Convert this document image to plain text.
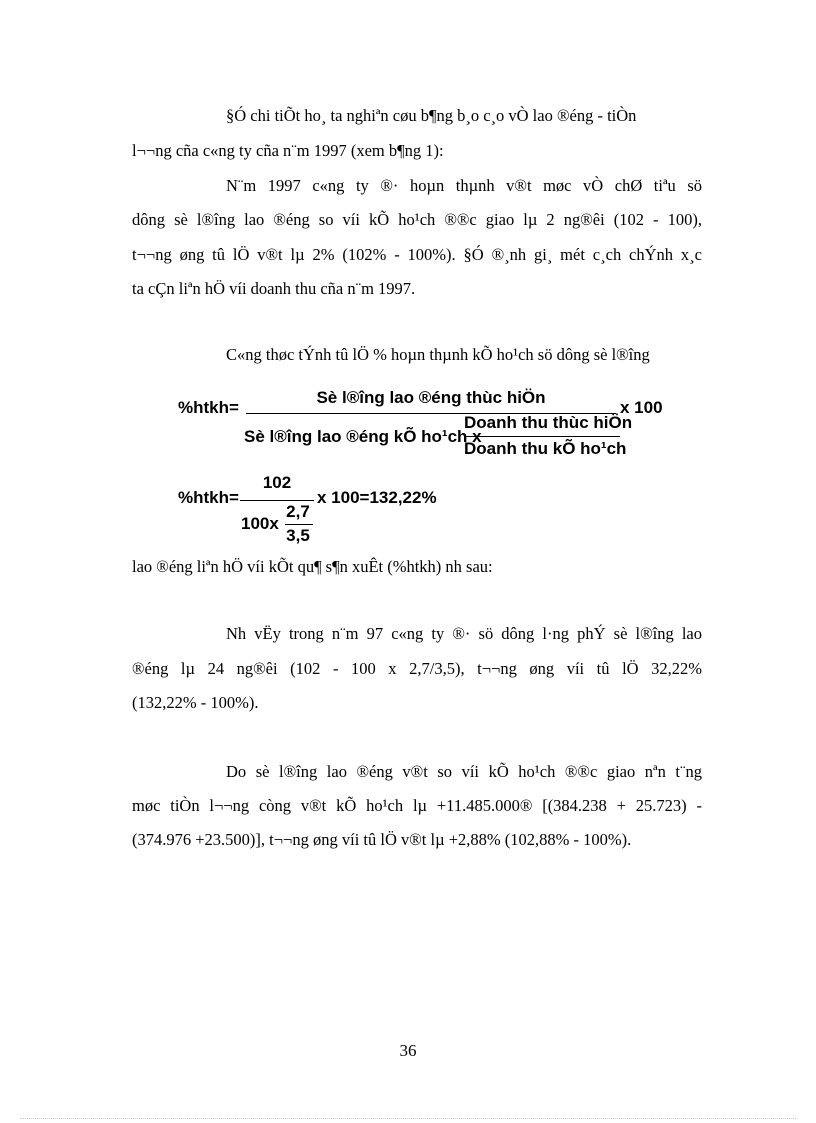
§Ó chi tiÕt ho¸ ta nghiªn cøu b¶ng b¸o c¸o vÒ lao ®éng - tiÒn
l¬¬ng cña c«ng ty cña n¨m 1997 (xem b¶ng 1):
N¨m 1997 c«ng ty ®· hoµn thµnh v®t møc vÒ chØ tiªu sö
dông sè l®îng lao ®éng so víi kÕ ho¹ch ®®c giao lµ 2 ng®êi (102 - 100),
t¬¬ng øng tû lÖ v®t lµ 2% (102% - 100%). §Ó ®¸nh gi¸ mét c¸ch chÝnh x¸c
ta cÇn liªn hÖ víi doanh thu cña n¨m 1997.
C«ng thøc tÝnh tû lÖ % hoµn thµnh kÕ ho¹ch sö dông sè l®îng
%htkh=
Sè l®îng lao ®éng thùc hiÖn
Sè l®îng lao ®éng kÕ ho¹ch x
Doanh thu thùc hiÖn
Doanh thu kÕ ho¹ch
x 100
%htkh=
102
100x
2,7
3,5
x 100=132,22%
lao ®éng liªn hÖ víi kÕt qu¶ s¶n xuÊt (%htkh) nh sau:
Nh vËy trong n¨m 97 c«ng ty ®· sö dông l·ng phÝ sè l®îng lao
®éng lµ 24 ng®êi (102 - 100 x 2,7/3,5), t¬¬ng øng víi tû lÖ 32,22%
(132,22% - 100%).
Do sè l®îng lao ®éng v®t so víi kÕ ho¹ch ®®c giao nªn t¨ng
møc tiÒn l¬¬ng còng v®t kÕ ho¹ch lµ +11.485.000® [(384.238 + 25.723) -
(374.976 +23.500)], t¬¬ng øng víi tû lÖ v®t lµ +2,88% (102,88% - 100%).
36
